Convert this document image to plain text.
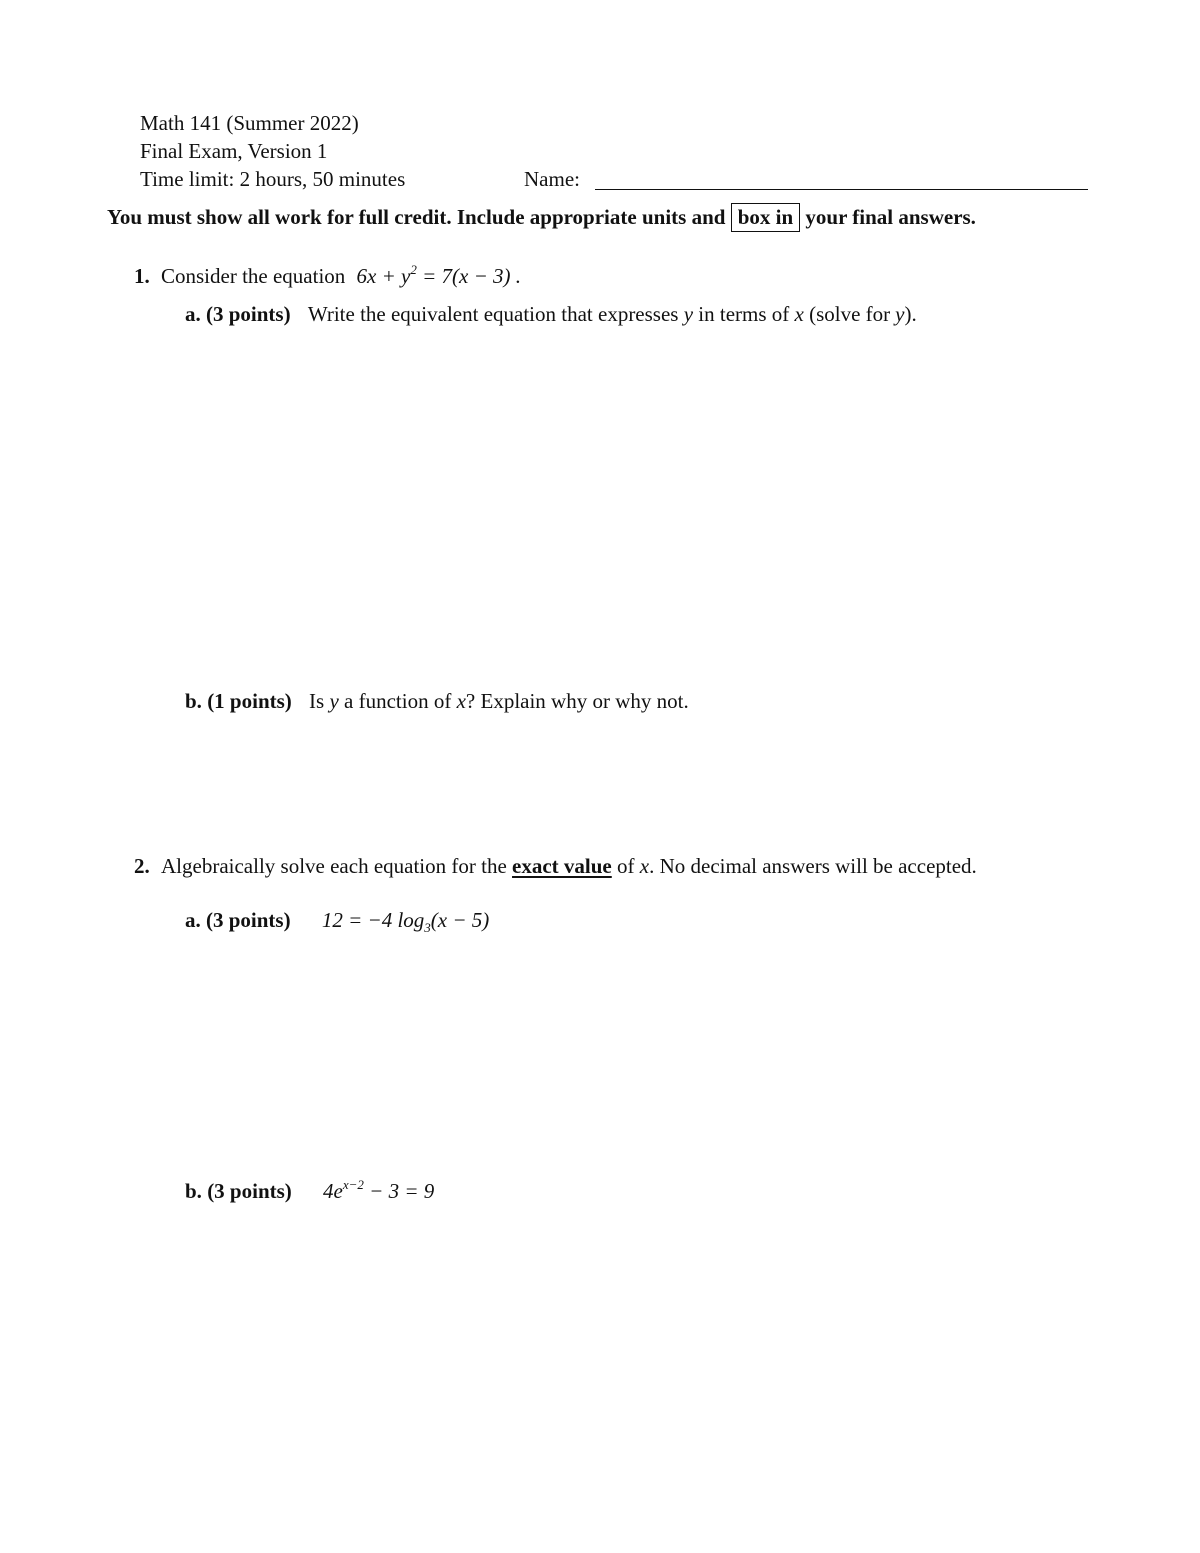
Math 141 (Summer 2022)
Final Exam, Version 1
Time limit: 2 hours, 50 minutes	Name:
You must show all work for full credit. Include appropriate units and box in your final answers.
1. Consider the equation $6x + y^2 = 7(x - 3)$ .
a. (3 points) Write the equivalent equation that expresses y in terms of x (solve for y).
b. (1 points) Is y a function of x? Explain why or why not.
2. Algebraically solve each equation for the exact value of x. No decimal answers will be accepted.
a. (3 points) 12 = −4 $\log_3(x - 5)$
b. (3 points) $4e^{x-2} - 3 = 9$
